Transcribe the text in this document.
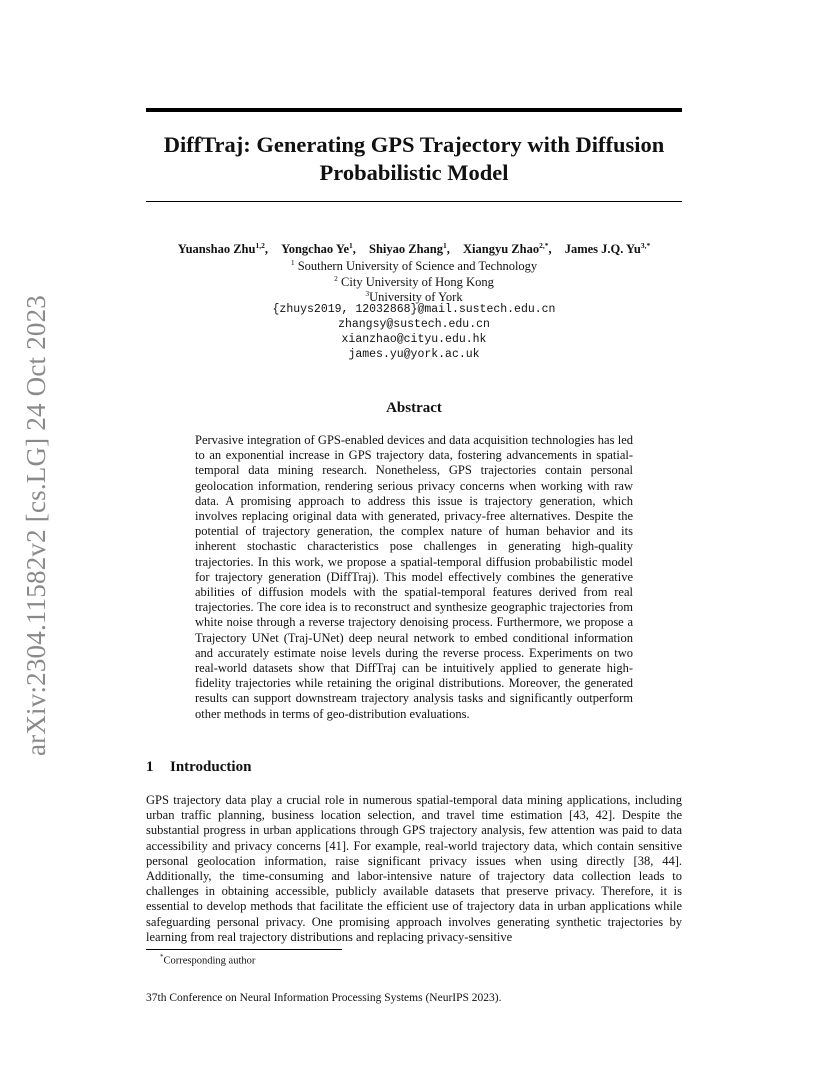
arXiv:2304.11582v2 [cs.LG] 24 Oct 2023
DiffTraj: Generating GPS Trajectory with Diffusion
Probabilistic Model
Yuanshao Zhu$^{1,2}$, Yongchao Ye$^1$, Shiyao Zhang$^1$, Xiangyu Zhao$^{2,*}$, James J.Q. $Yu^{3,*}$
$^1$ Southern University of Science and Technology
$^2$ City University of Hong Kong
$^3$University of York
{zhuys2019, 12032868}@mail.sustech.edu.cn
zhangsy@sustech.edu.cn
xianzhao@cityu.edu.hk
james.yu@york.ac.uk
Abstract
Pervasive integration of GPS-enabled devices and data acquisition technologies has led to an exponential increase in GPS trajectory data, fostering advancements in spatial-temporal data mining research. Nonetheless, GPS trajectories contain personal geolocation information, rendering serious privacy concerns when working with raw data. A promising approach to address this issue is trajectory generation, which involves replacing original data with generated, privacy-free alternatives. Despite the potential of trajectory generation, the complex nature of human behavior and its inherent stochastic characteristics pose challenges in generating high-quality trajectories. In this work, we propose a spatial-temporal diffusion probabilistic model for trajectory generation (DiffTraj). This model effectively combines the generative abilities of diffusion models with the spatial-temporal features derived from real trajectories. The core idea is to reconstruct and synthesize geographic trajectories from white noise through a reverse trajectory denoising process. Furthermore, we propose a Trajectory UNet (Traj-UNet) deep neural network to embed conditional information and accurately estimate noise levels during the reverse process. Experiments on two real-world datasets show that DiffTraj can be intuitively applied to generate high-fidelity trajectories while retaining the original distributions. Moreover, the generated results can support downstream trajectory analysis tasks and significantly outperform other methods in terms of geo-distribution evaluations.
1 Introduction
GPS trajectory data play a crucial role in numerous spatial-temporal data mining applications, including urban traffic planning, business location selection, and travel time estimation [43, 42]. Despite the substantial progress in urban applications through GPS trajectory analysis, few attention was paid to data accessibility and privacy concerns [41]. For example, real-world trajectory data, which contain sensitive personal geolocation information, raise significant privacy issues when using directly [38, 44]. Additionally, the time-consuming and labor-intensive nature of trajectory data collection leads to challenges in obtaining accessible, publicly available datasets that preserve privacy. Therefore, it is essential to develop methods that facilitate the efficient use of trajectory data in urban applications while safeguarding personal privacy. One promising approach involves generating synthetic trajectories by learning from real trajectory distributions and replacing privacy-sensitive
*Corresponding author
37th Conference on Neural Information Processing Systems (NeurIPS 2023).
